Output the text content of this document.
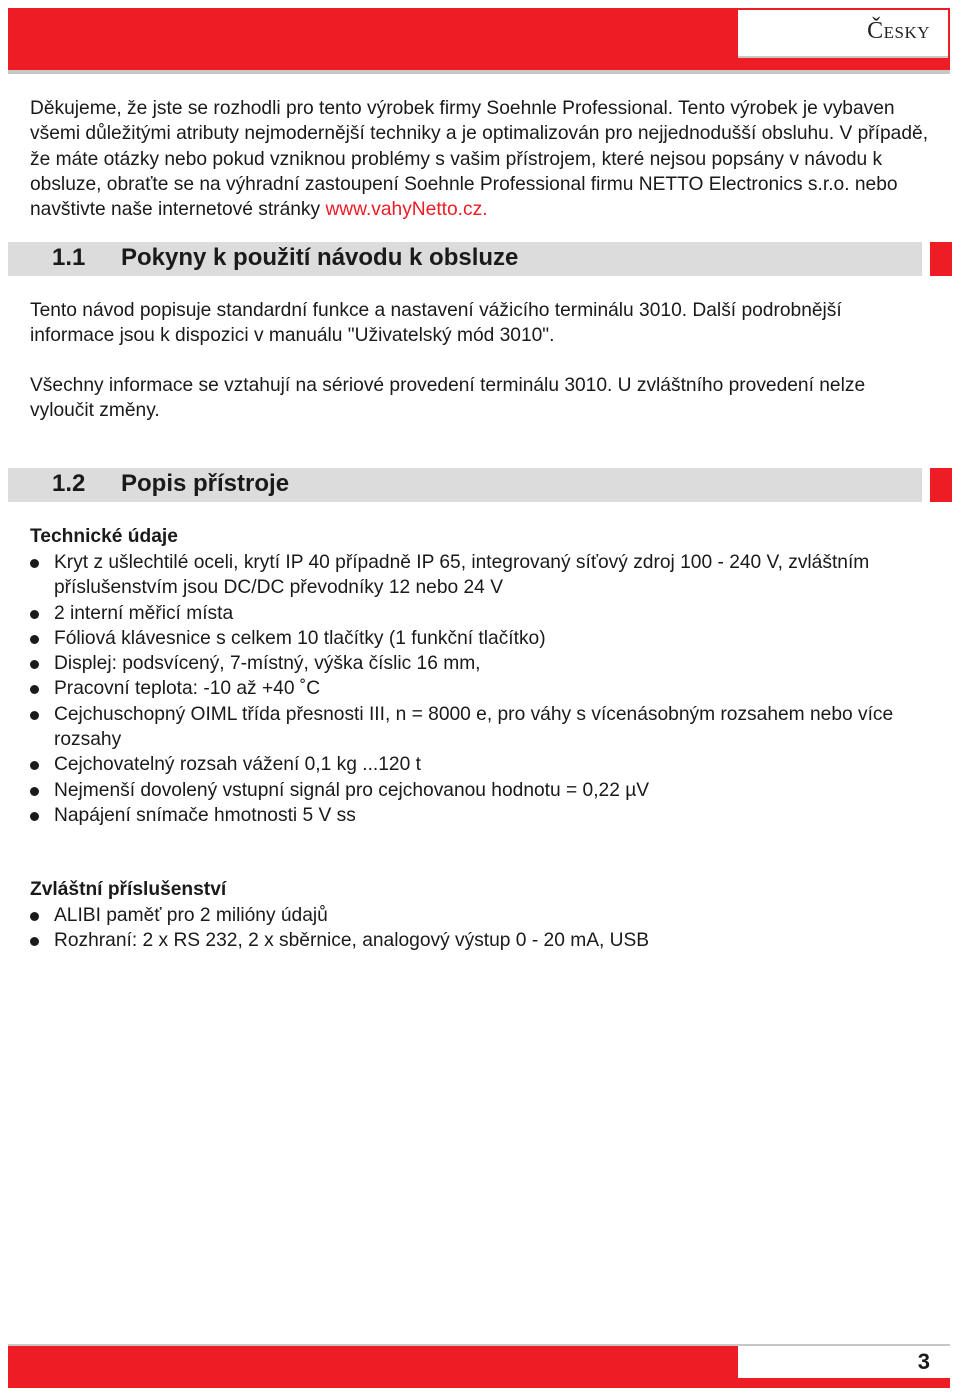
Česky

Děkujeme, že jste se rozhodli pro tento výrobek firmy Soehnle Professional. Tento výrobek je vybaven všemi důležitými atributy nejmodernější techniky a je optimalizován pro nejjednodušší obsluhu. V případě, že máte otázky nebo pokud vzniknou problémy s vašim přístrojem, které nejsou popsány v návodu k obsluze, obraťte se na výhradní zastoupení Soehnle Professional firmu NETTO Electronics s.r.o. nebo navštivte naše internetové stránky www.vahyNetto.cz.

1.1 Pokyny k použití návodu k obsluze

Tento návod popisuje standardní funkce a nastavení vážicího terminálu 3010. Další podrobnější informace jsou k dispozici v manuálu "Uživatelský mód 3010".

Všechny informace se vztahují na sériové provedení terminálu 3010. U zvláštního provedení nelze vyloučit změny.

1.2 Popis přístroje

Technické údaje

Kryt z ušlechtilé oceli, krytí IP 40 případně IP 65, integrovaný síťový zdroj 100 - 240 V, zvláštním příslušenstvím jsou DC/DC převodníky 12 nebo 24 V
2 interní měřicí místa
Fóliová klávesnice s celkem 10 tlačítky (1 funkční tlačítko)
Displej: podsvícený, 7-místný, výška číslic 16 mm,
Pracovní teplota: -10 až +40 ˚C
Cejchuschopný OIML třída přesnosti III, n = 8000 e, pro váhy s vícenásobným rozsahem nebo více rozsahy
Cejchovatelný rozsah vážení 0,1 kg ...120 t
Nejmenší dovolený vstupní signál pro cejchovanou hodnotu = 0,22 µV
Napájení snímače hmotnosti 5 V ss

Zvláštní příslušenství

ALIBI paměť pro 2 milióny údajů
Rozhraní: 2 x RS 232, 2 x sběrnice, analogový výstup 0 - 20 mA, USB
3
